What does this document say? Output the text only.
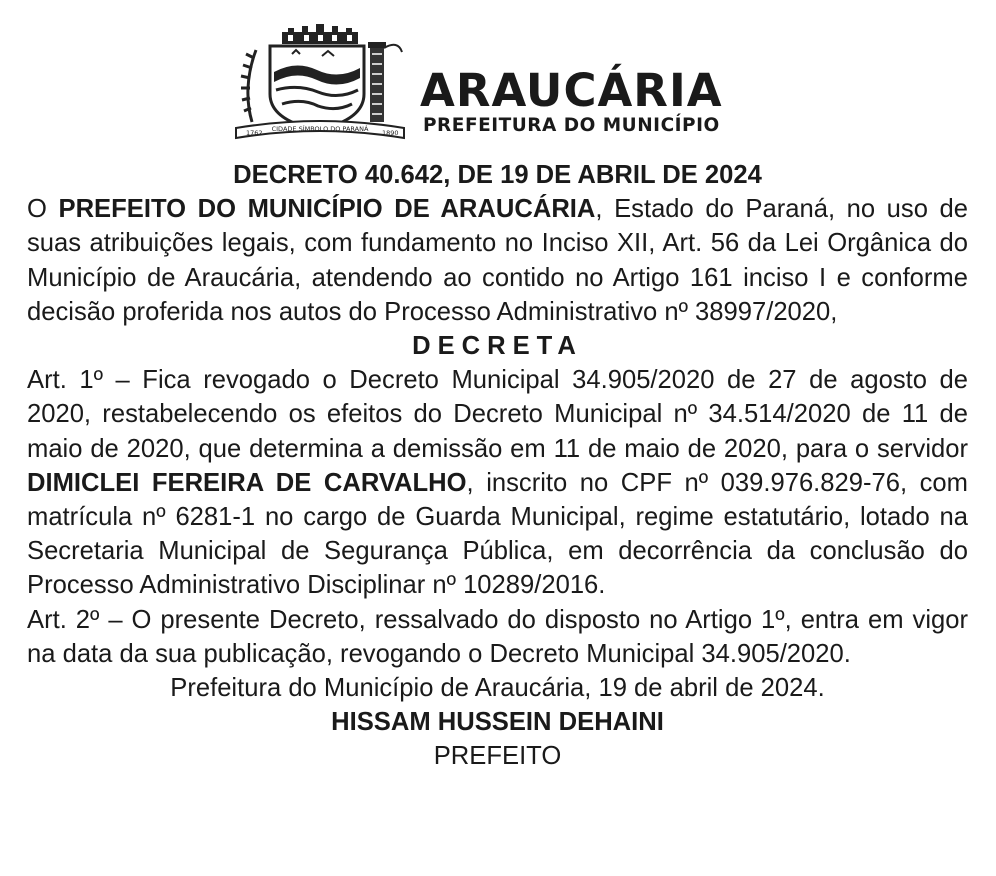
1762 CIDADE SÍMBOLO DO PARANÁ 1890
ARAUCÁRIA
PREFEITURA DO MUNICÍPIO

DECRETO 40.642, DE 19 DE ABRIL DE 2024

O PREFEITO DO MUNICÍPIO DE ARAUCÁRIA, Estado do Paraná, no uso de suas atribuições legais, com fundamento no Inciso XII, Art. 56 da Lei Orgânica do Município de Araucária, atendendo ao contido no Artigo 161 inciso I e conforme decisão proferida nos autos do Processo Administrativo nº 38997/2020,

DECRETA

Art. 1º – Fica revogado o Decreto Municipal 34.905/2020 de 27 de agosto de 2020, restabelecendo os efeitos do Decreto Municipal nº 34.514/2020 de 11 de maio de 2020, que determina a demissão em 11 de maio de 2020, para o servidor DIMICLEI FEREIRA DE CARVALHO, inscrito no CPF nº 039.976.829-76, com matrícula nº 6281-1 no cargo de Guarda Municipal, regime estatutário, lotado na Secretaria Municipal de Segurança Pública, em decorrência da conclusão do Processo Administrativo Disciplinar nº 10289/2016.

Art. 2º – O presente Decreto, ressalvado do disposto no Artigo 1º, entra em vigor na data da sua publicação, revogando o Decreto Municipal 34.905/2020.

Prefeitura do Município de Araucária, 19 de abril de 2024.

HISSAM HUSSEIN DEHAINI

PREFEITO
